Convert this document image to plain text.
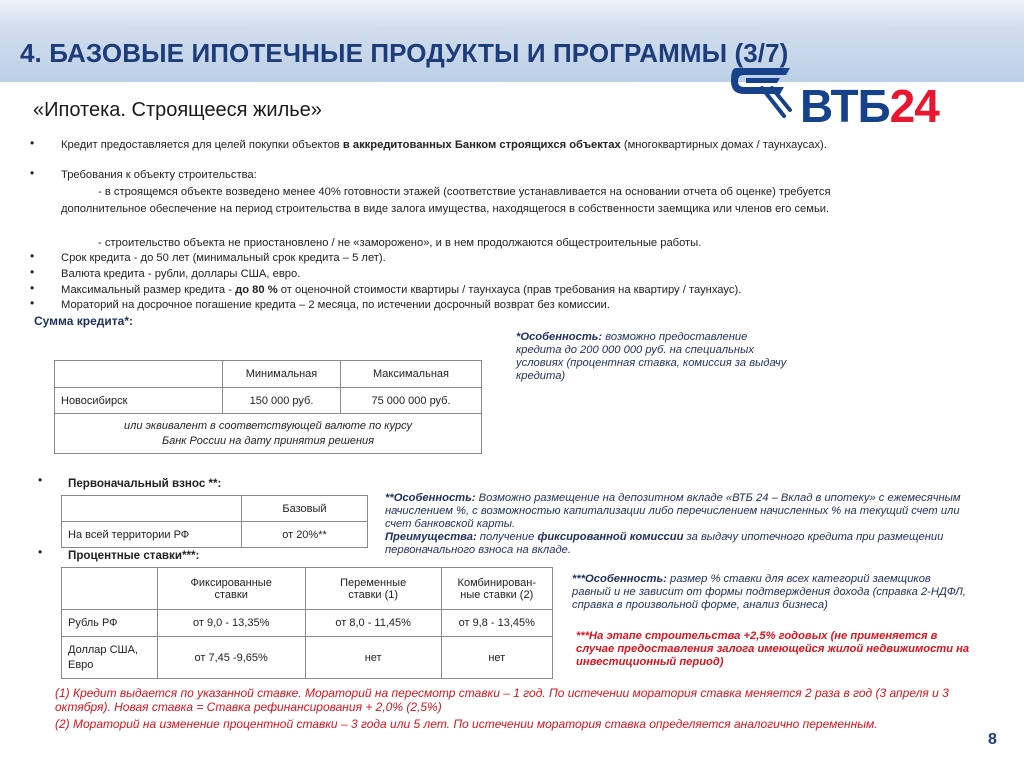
4. БАЗОВЫЕ ИПОТЕЧНЫЕ ПРОДУКТЫ И ПРОГРАММЫ (3/7)
ВТБ24
«Ипотека. Строящееся жилье»
•	Кредит предоставляется для целей покупки объектов в аккредитованных Банком строящихся объектах (многоквартирных домах / таунхаусах).
•	Требования к объекту строительства:
- в строящемся объекте возведено менее 40% готовности этажей (соответствие устанавливается на основании отчета об оценке) требуется дополнительное обеспечение на период строительства в виде залога имущества, находящегося в собственности заемщика или членов его семьи.
- строительство объекта не приостановлено / не «заморожено», и в нем продолжаются общестроительные работы.
•	Срок кредита - до 50 лет (минимальный срок кредита – 5 лет).
•	Валюта кредита - рубли, доллары США, евро.
•	Максимальный размер кредита - до 80 % от оценочной стоимости квартиры / таунхауса (прав требования на квартиру / таунхаус).
•	Мораторий на досрочное погашение кредита – 2 месяца, по истечении досрочный возврат без комиссии.
Сумма кредита*:
	Минимальная	Максимальная
Новосибирск	150 000 руб.	75 000 000 руб.
или эквивалент в соответствующей валюте по курсу Банк России на дату принятия решения		
*Особенность: возможно предоставление кредита до 200 000 000 руб. на специальных условиях (процентная ставка, комиссия за выдачу кредита)
•	Первоначальный взнос **:
	Базовый
На всей территории РФ	от 20%**
**Особенность: Возможно размещение на депозитном вкладе «ВТБ 24 – Вклад в ипотеку» с ежемесячным начислением %, с возможностью капитализации либо перечислением начисленных % на текущий счет или счет банковской карты.
Преимущества: получение фиксированной комиссии за выдачу ипотечного кредита при размещении первоначального взноса на вкладе.
•	Процентные ставки***:
	Фиксированные ставки	Переменные ставки (1)	Комбинирован-ные ставки (2)
Рубль РФ	от 9,0 - 13,35%	от 8,0 - 11,45%	от 9,8 - 13,45%
Доллар США, Евро	от 7,45 -9,65%	нет	нет
***Особенность: размер % ставки для всех категорий заемщиков равный и не зависит от формы подтверждения дохода (справка 2-НДФЛ, справка в произвольной форме, анализ бизнеса)
***На этапе строительства +2,5% годовых (не применяется в случае предоставления залога имеющейся жилой недвижимости на инвестиционный период)
(1) Кредит выдается по указанной ставке. Мораторий на пересмотр ставки – 1 год. По истечении моратория ставка меняется 2 раза в год (3 апреля и 3 октября). Новая ставка = Ставка рефинансирования + 2,0% (2,5%)
(2) Мораторий на изменение процентной ставки – 3 года или 5 лет. По истечении моратория ставка определяется аналогично переменным.
8
